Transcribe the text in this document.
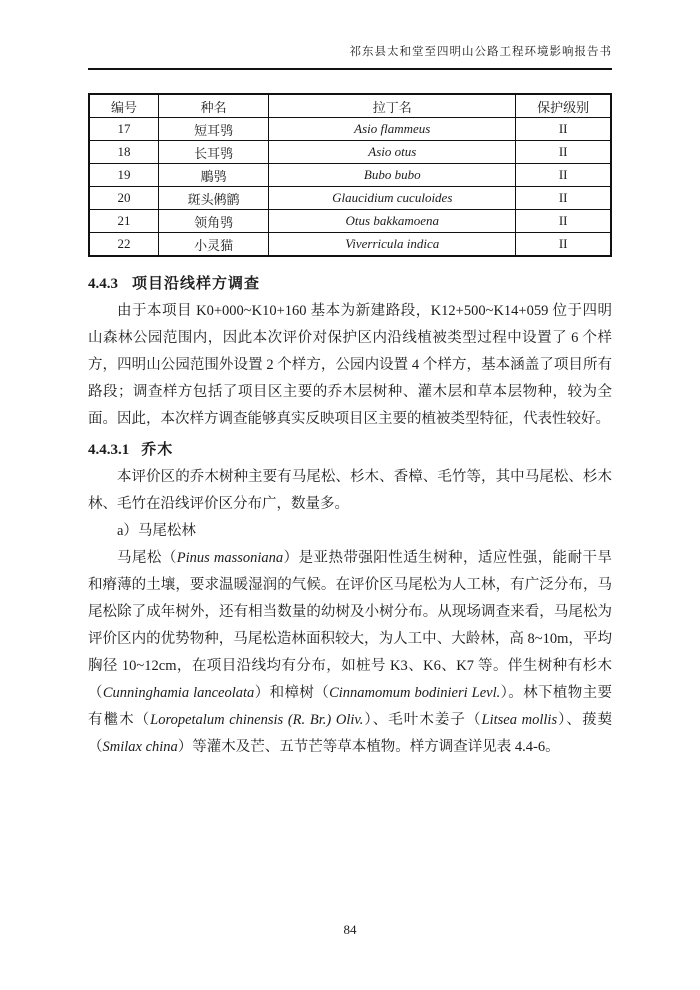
祁东县太和堂至四明山公路工程环境影响报告书
编号	种名	拉丁名	保护级别
17	短耳鸮	Asio flammeus	II
18	长耳鸮	Asio otus	II
19	鵰鸮	Bubo bubo	II
20	斑头鸺鹠	Glaucidium cuculoides	II
21	领角鸮	Otus bakkamoena	II
22	小灵猫	Viverricula indica	II

4.4.3 项目沿线样方调查

由于本项目 K0+000~K10+160 基本为新建路段，K12+500~K14+059 位于四明山森林公园范围内，因此本次评价对保护区内沿线植被类型过程中设置了 6 个样方，四明山公园范围外设置 2 个样方，公园内设置 4 个样方，基本涵盖了项目所有路段；调查样方包括了项目区主要的乔木层树种、灌木层和草本层物种，较为全面。因此，本次样方调查能够真实反映项目区主要的植被类型特征，代表性较好。

4.4.3.1 乔木

本评价区的乔木树种主要有马尾松、杉木、香樟、毛竹等，其中马尾松、杉木林、毛竹在沿线评价区分布广，数量多。

a）马尾松林

马尾松（Pinus massoniana）是亚热带强阳性适生树种，适应性强，能耐干旱和瘠薄的土壤，要求温暖湿润的气候。在评价区马尾松为人工林，有广泛分布，马尾松除了成年树外，还有相当数量的幼树及小树分布。从现场调查来看，马尾松为评价区内的优势物种，马尾松造林面积较大，为人工中、大龄林，高 8~10m，平均胸径 10~12cm，在项目沿线均有分布，如桩号 K3、K6、K7 等。伴生树种有杉木（Cunninghamia lanceolata）和樟树（Cinnamomum bodinieri Levl.）。林下植物主要有檵木（Loropetalum chinensis (R. Br.) Oliv.）、毛叶木姜子（Litsea mollis）、菝葜（Smilax china）等灌木及芒、五节芒等草本植物。样方调查详见表 4.4-6。

84
